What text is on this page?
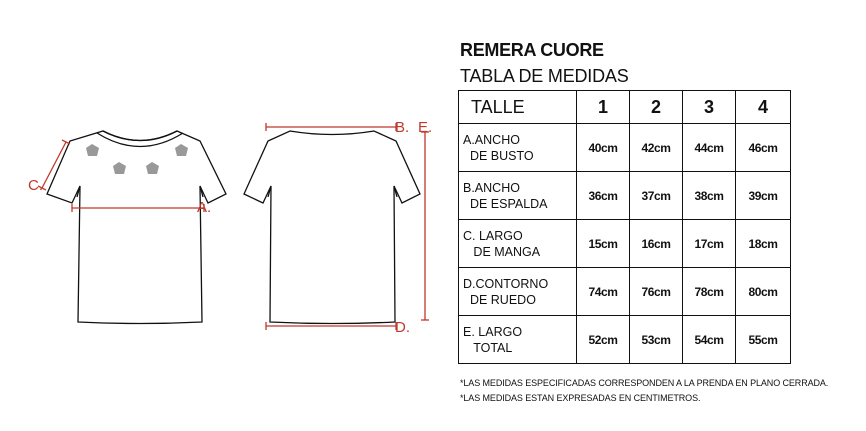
A.
C.
B. E.
D.
REMERA CUORE
TABLA DE MEDIDAS
TALLE	1	2	3	4

A.ANCHO
DE BUSTO	40cm	42cm	44cm	46cm

B.ANCHO
DE ESPALDA	36cm	37cm	38cm	39cm

C. LARGO
DE MANGA	15cm	16cm	17cm	18cm

D.CONTORNO
DE RUEDO	74cm	76cm	78cm	80cm

E. LARGO
TOTAL	52cm	53cm	54cm	55cm
*LAS MEDIDAS ESPECIFICADAS CORRESPONDEN A LA PRENDA EN PLANO CERRADA.
*LAS MEDIDAS ESTAN EXPRESADAS EN CENTIMETROS.
